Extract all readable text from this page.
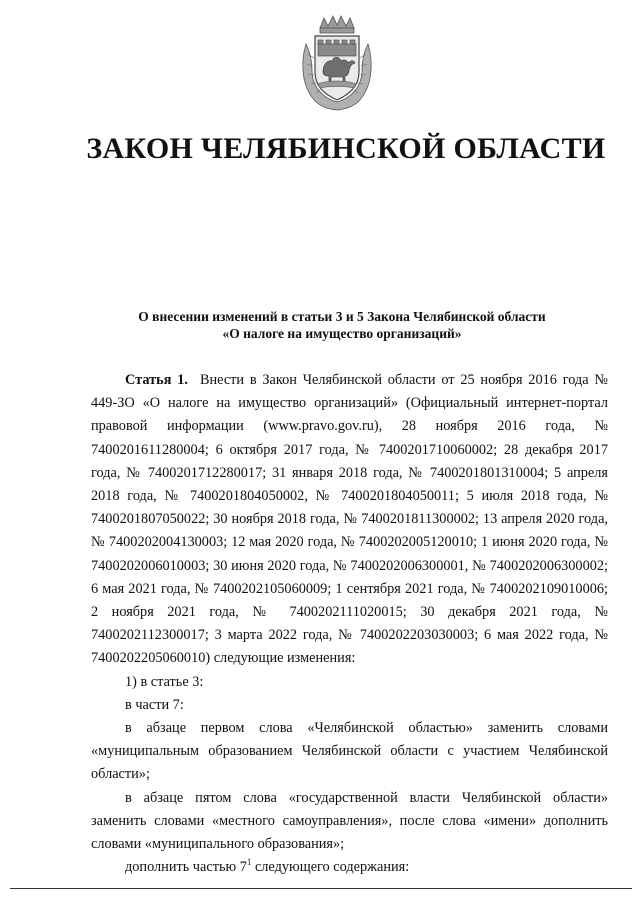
ЗАКОН ЧЕЛЯБИНСКОЙ ОБЛАСТИ
О внесении изменений в статьи 3 и 5 Закона Челябинской области
«О налоге на имущество организаций»

Статья 1. Внести в Закон Челябинской области от 25 ноября 2016 года № 449-ЗО «О налоге на имущество организаций» (Официальный интернет-портал правовой информации (www.pravo.gov.ru), 28 ноября 2016 года, № 7400201611280004; 6 октября 2017 года, № 7400201710060002; 28 декабря 2017 года, № 7400201712280017; 31 января 2018 года, № 7400201801310004; 5 апреля 2018 года, № 7400201804050002, № 7400201804050011; 5 июля 2018 года, № 7400201807050022; 30 ноября 2018 года, № 7400201811300002; 13 апреля 2020 года, № 7400202004130003; 12 мая 2020 года, № 7400202005120010; 1 июня 2020 года, № 7400202006010003; 30 июня 2020 года, № 7400202006300001, № 7400202006300002; 6 мая 2021 года, № 7400202105060009; 1 сентября 2021 года, № 7400202109010006; 2 ноября 2021 года, № 7400202111020015; 30 декабря 2021 года, № 7400202112300017; 3 марта 2022 года, № 7400202203030003; 6 мая 2022 года, № 7400202205060010) следующие изменения:

1) в статье 3:

в части 7:

в абзаце первом слова «Челябинской областью» заменить словами «муниципальным образованием Челябинской области с участием Челябинской области»;

в абзаце пятом слова «государственной власти Челябинской области» заменить словами «местного самоуправления», после слова «имени» дополнить словами «муниципального образования»;

дополнить частью $7^1$ следующего содержания:
